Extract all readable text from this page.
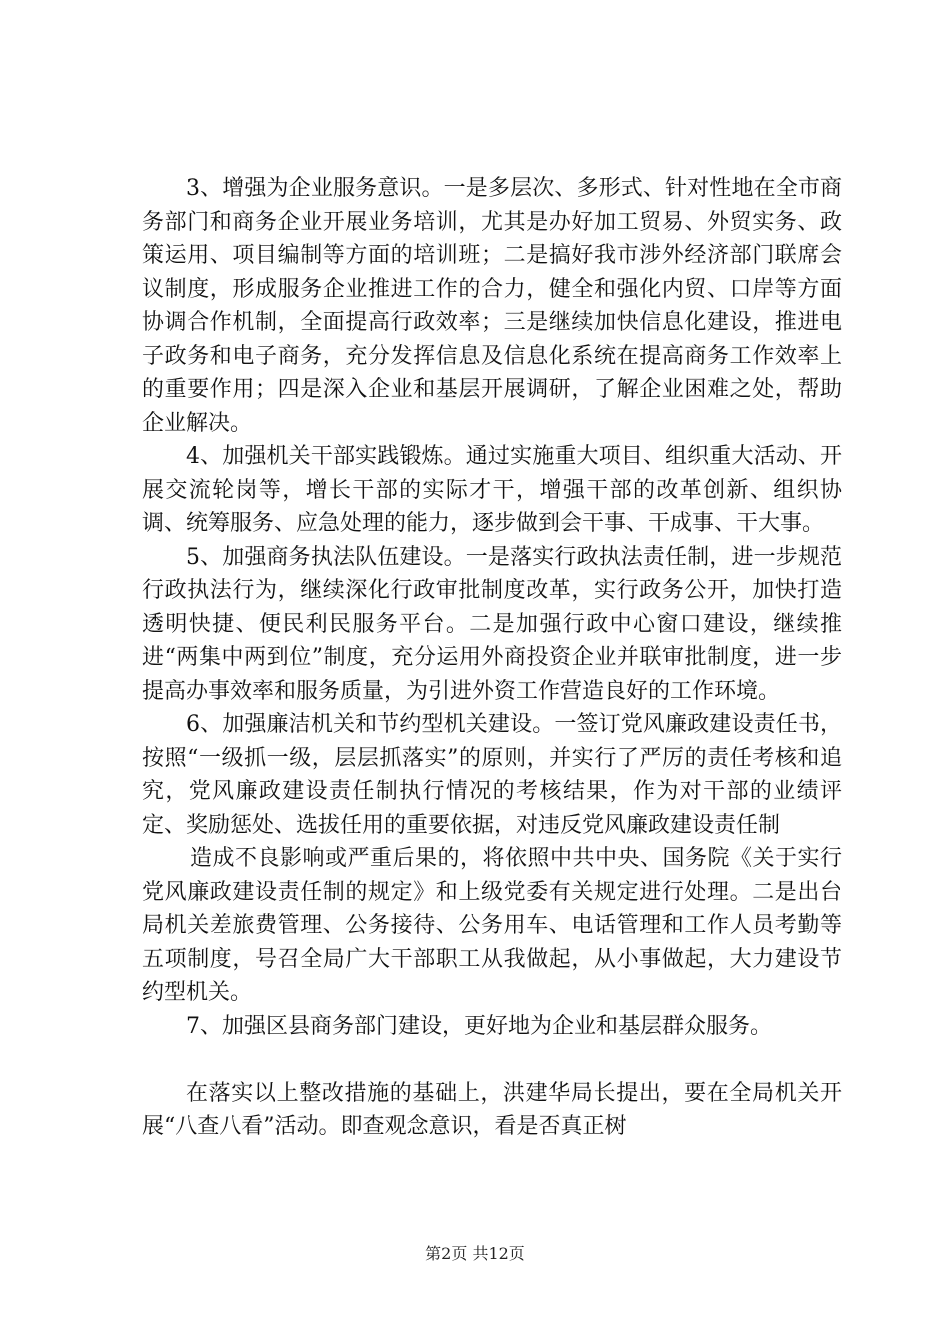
3、增强为企业服务意识。一是多层次、多形式、针对性地在全市商务部门和商务企业开展业务培训，尤其是办好加工贸易、外贸实务、政策运用、项目编制等方面的培训班；二是搞好我市涉外经济部门联席会议制度，形成服务企业推进工作的合力，健全和强化内贸、口岸等方面协调合作机制，全面提高行政效率；三是继续加快信息化建设，推进电子政务和电子商务，充分发挥信息及信息化系统在提高商务工作效率上的重要作用；四是深入企业和基层开展调研，了解企业困难之处，帮助企业解决。

4、加强机关干部实践锻炼。通过实施重大项目、组织重大活动、开展交流轮岗等，增长干部的实际才干，增强干部的改革创新、组织协调、统筹服务、应急处理的能力，逐步做到会干事、干成事、干大事。

5、加强商务执法队伍建设。一是落实行政执法责任制，进一步规范行政执法行为，继续深化行政审批制度改革，实行政务公开，加快打造透明快捷、便民利民服务平台。二是加强行政中心窗口建设，继续推进“两集中两到位”制度，充分运用外商投资企业并联审批制度，进一步提高办事效率和服务质量，为引进外资工作营造良好的工作环境。

6、加强廉洁机关和节约型机关建设。一签订党风廉政建设责任书，按照“一级抓一级，层层抓落实”的原则，并实行了严厉的责任考核和追究，党风廉政建设责任制执行情况的考核结果，作为对干部的业绩评定、奖励惩处、选拔任用的重要依据，对违反党风廉政建设责任制

造成不良影响或严重后果的，将依照中共中央、国务院《关于实行党风廉政建设责任制的规定》和上级党委有关规定进行处理。二是出台局机关差旅费管理、公务接待、公务用车、电话管理和工作人员考勤等五项制度，号召全局广大干部职工从我做起，从小事做起，大力建设节约型机关。

7、加强区县商务部门建设，更好地为企业和基层群众服务。

在落实以上整改措施的基础上，洪建华局长提出，要在全局机关开展“八查八看”活动。即查观念意识，看是否真正树

第2页 共12页
